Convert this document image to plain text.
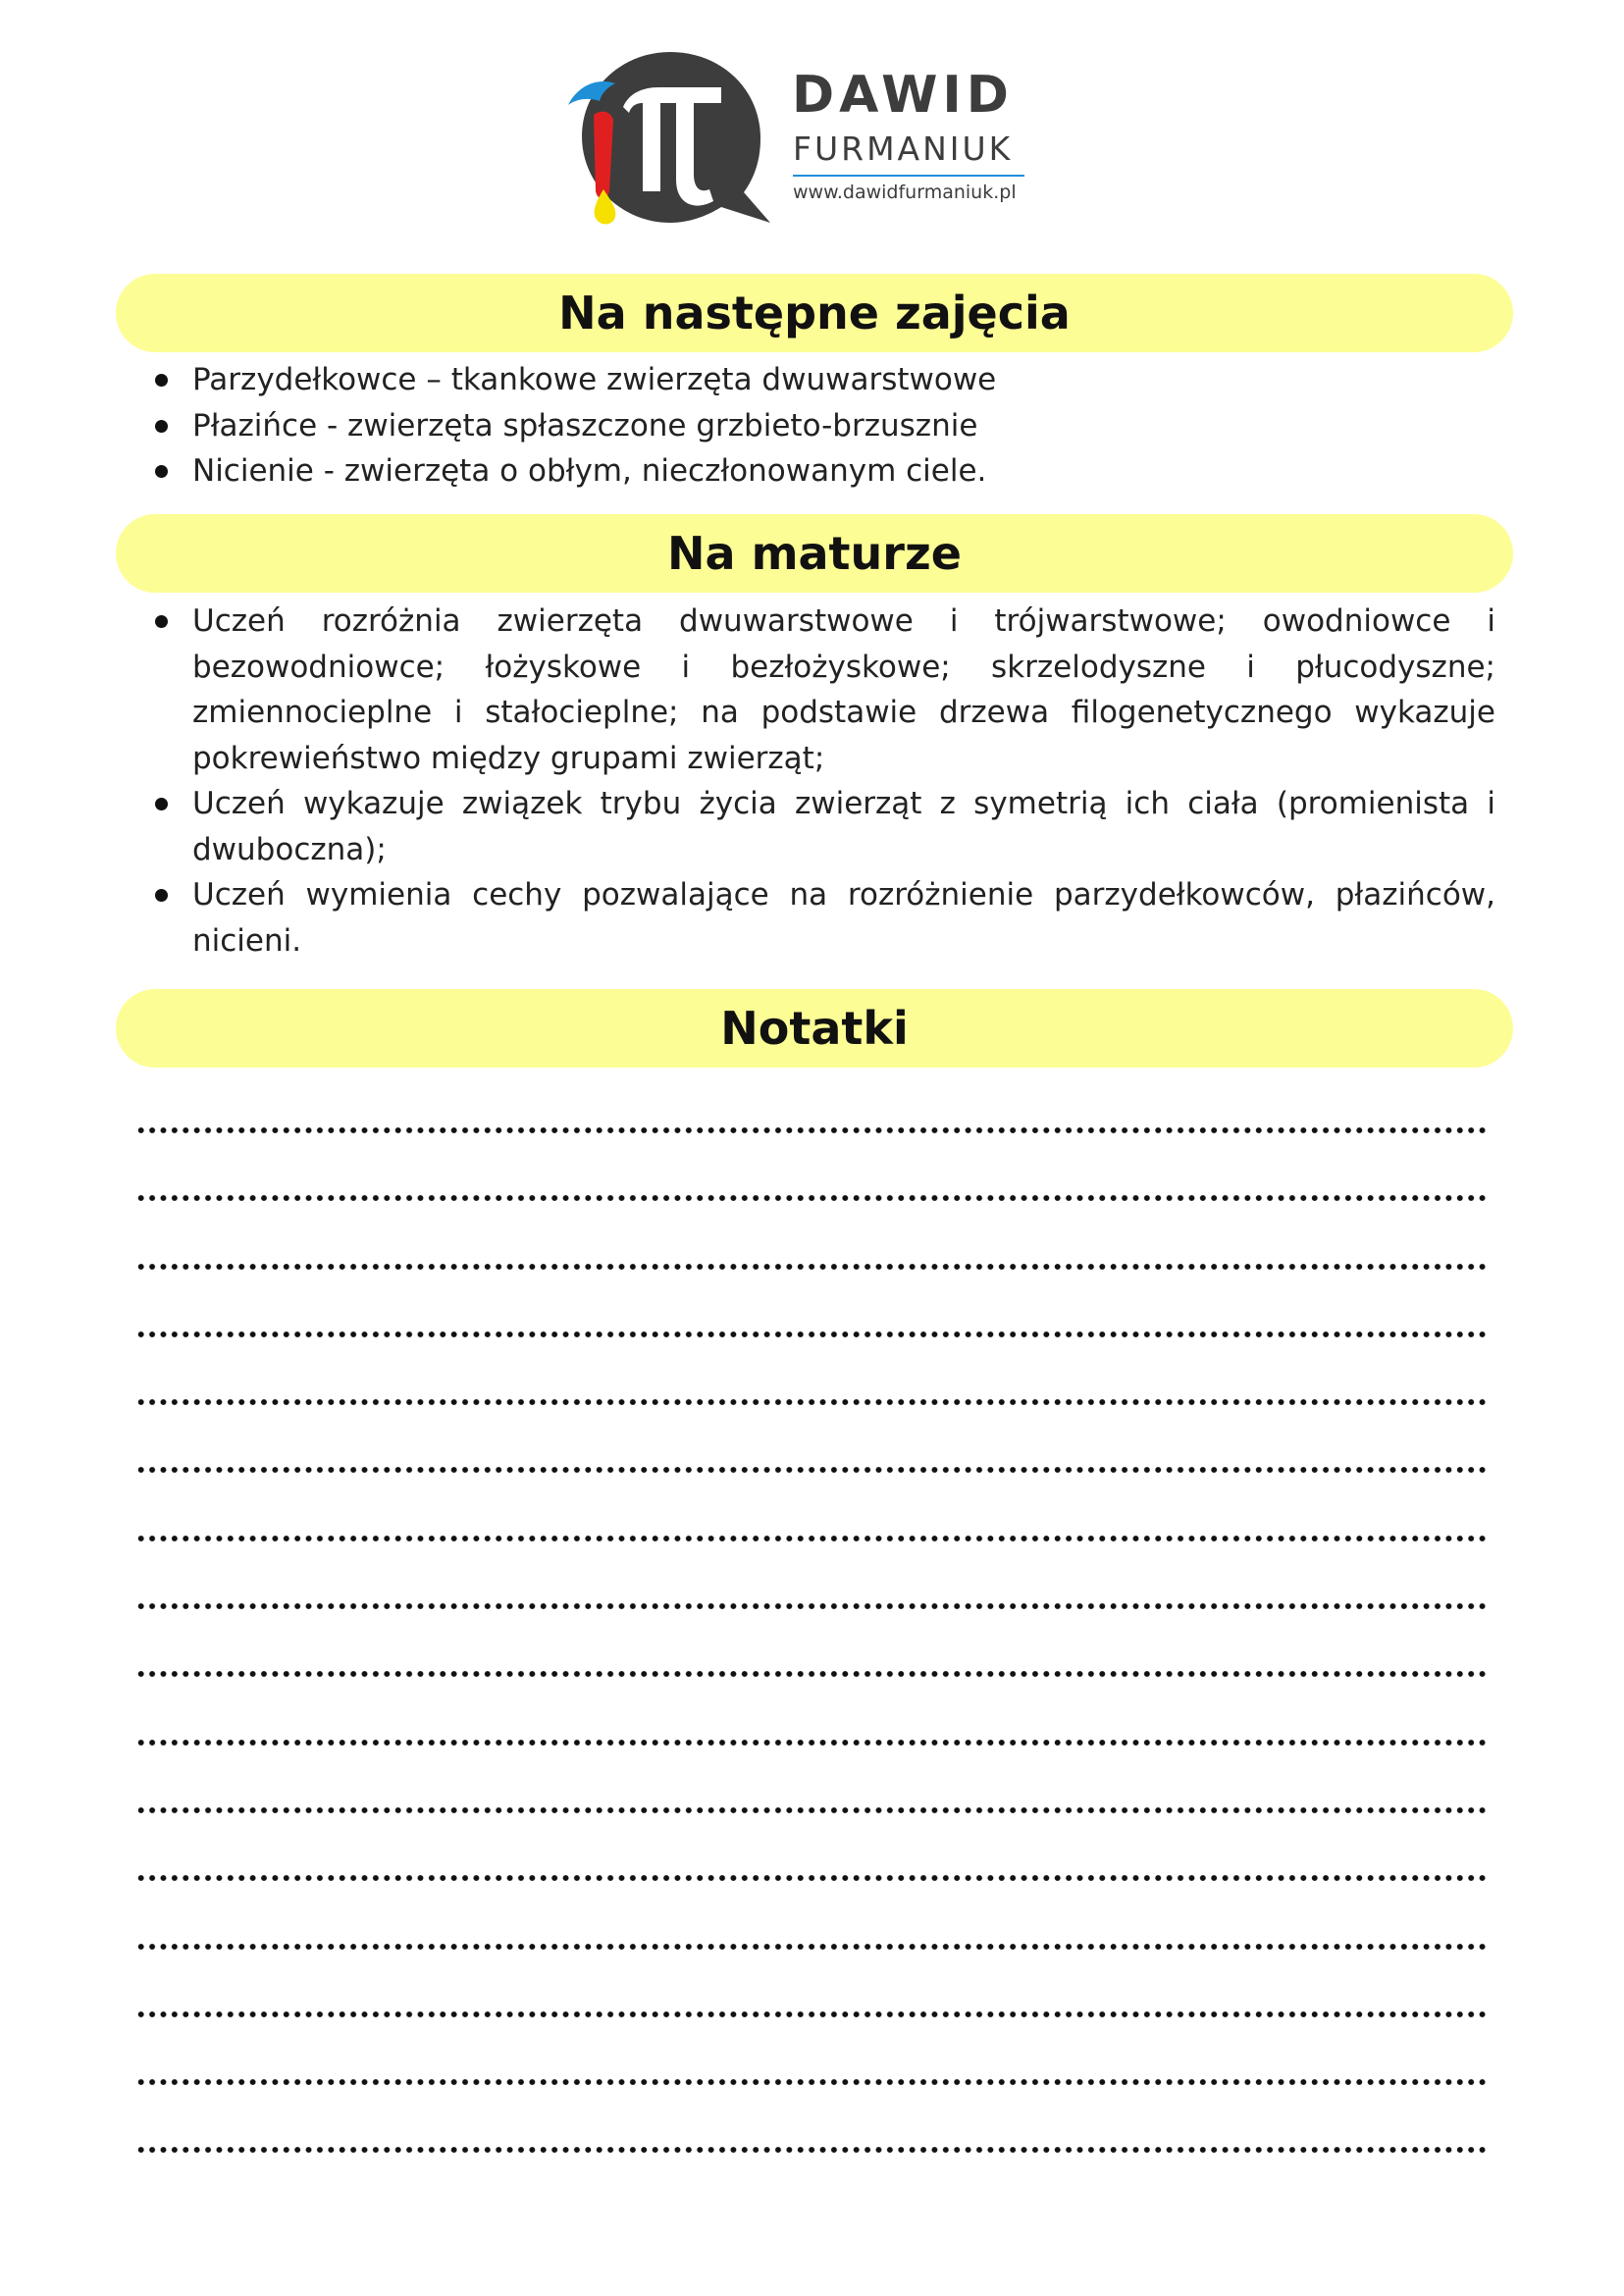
DAWID
FURMANIUK
www.dawidfurmaniuk.pl
Na następne zajęcia
Parzydełkowce – tkankowe zwierzęta dwuwarstwowe
Płazińce - zwierzęta spłaszczone grzbieto-brzusznie
Nicienie - zwierzęta o obłym, nieczłonowanym ciele.
Na maturze
Uczeń rozróżnia zwierzęta dwuwarstwowe i trójwarstwowe; owodniowce i bezowodniowce; łożyskowe i bezłożyskowe; skrzelodyszne i płucodyszne; zmiennocieplne i stałocieplne; na podstawie drzewa filogenetycznego wykazuje pokrewieństwo między grupami zwierząt;
Uczeń wykazuje związek trybu życia zwierząt z symetrią ich ciała (promienista i dwuboczna);
Uczeń wymienia cechy pozwalające na rozróżnienie parzydełkowców, płazińców, nicieni.
Notatki
